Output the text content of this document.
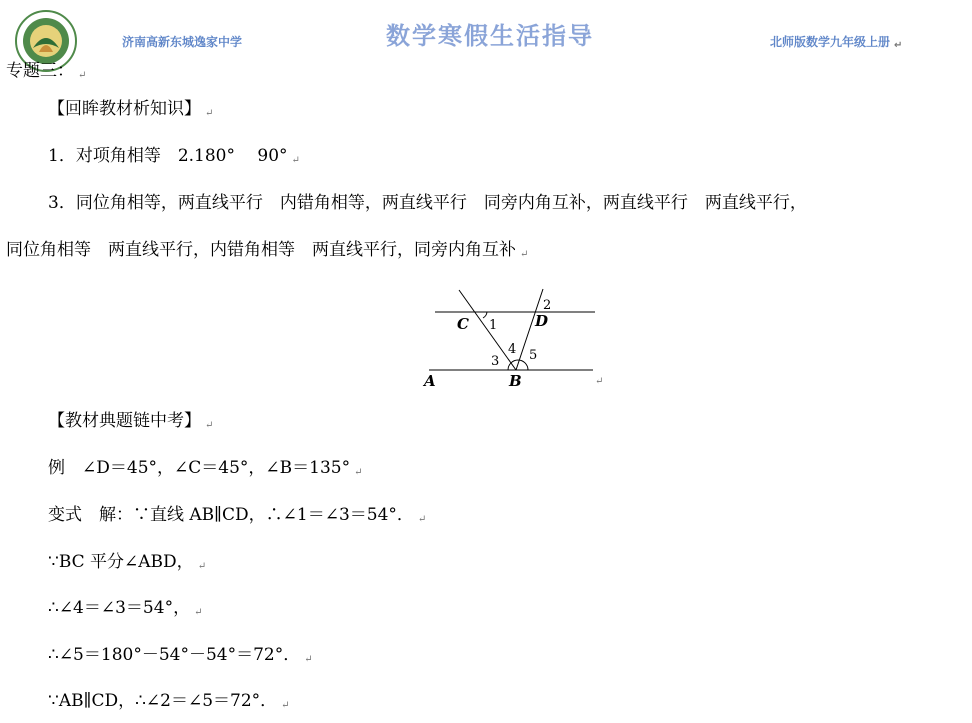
济南高新东城逸家中学	数学寒假生活指导	北师版数学九年级上册 ↵
专题三： ↵
【回眸教材析知识】 ↵
1．对项角相等　2.180°　 90° ↵
3．同位角相等，两直线平行　内错角相等，两直线平行　同旁内角互补，两直线平行　两直线平行，
同位角相等　两直线平行，内错角相等　两直线平行，同旁内角互补 ↵
A	B
C	D
1
2
3
4 5
↵
【教材典题链中考】 ↵
例　∠D＝45°，∠C＝45°，∠B＝135° ↵
变式　解：∵直线 AB∥CD，∴∠1＝∠3＝54°． ↵
∵BC 平分∠ABD， ↵
∴∠4＝∠3＝54°， ↵
∴∠5＝180°－54°－54°＝72°． ↵
∵AB∥CD，∴∠2＝∠5＝72°． ↵
